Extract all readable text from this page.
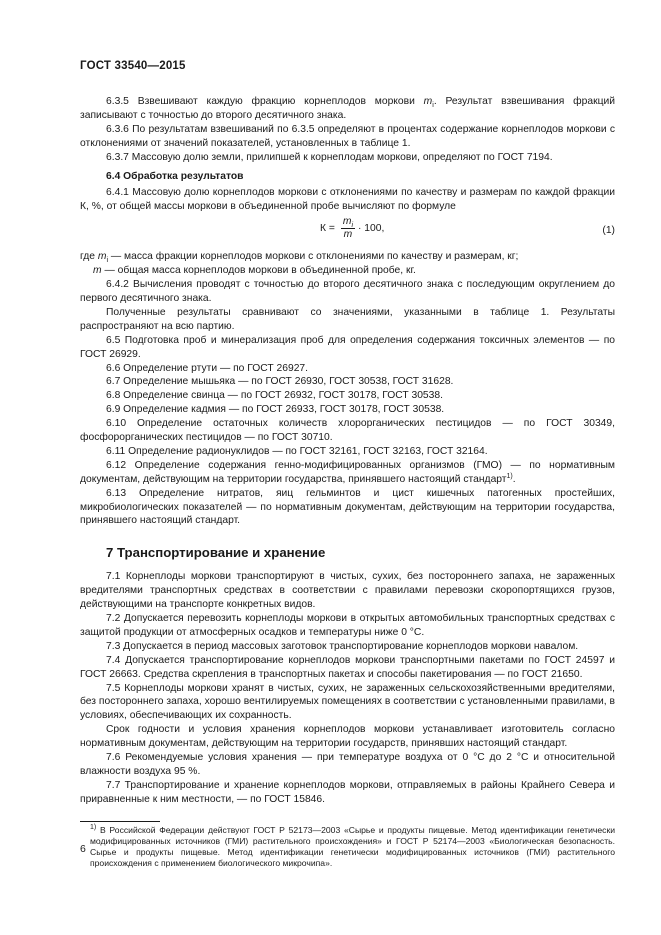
ГОСТ 33540—2015

6.3.5 Взвешивают каждую фракцию корнеплодов моркови $m_i$. Результат взвешивания фракций записывают с точностью до второго десятичного знака.

6.3.6 По результатам взвешиваний по 6.3.5 определяют в процентах содержание корнеплодов моркови с отклонениями от значений показателей, установленных в таблице 1.

6.3.7 Массовую долю земли, прилипшей к корнеплодам моркови, определяют по ГОСТ 7194.

6.4 Обработка результатов

6.4.1 Массовую долю корнеплодов моркови с отклонениями по качеству и размерам по каждой фракции К, %, от общей массы моркови в объединенной пробе вычисляют по формуле

$К = \frac{m_i}{m} \cdot 100$,	(1)

где $m_i$ — масса фракции корнеплодов моркови с отклонениями по качеству и размерам, кг;

m — общая масса корнеплодов моркови в объединенной пробе, кг.

6.4.2 Вычисления проводят с точностью до второго десятичного знака с последующим округлением до первого десятичного знака.

Полученные результаты сравнивают со значениями, указанными в таблице 1. Результаты распространяют на всю партию.

6.5 Подготовка проб и минерализация проб для определения содержания токсичных элементов — по ГОСТ 26929.

6.6 Определение ртути — по ГОСТ 26927.

6.7 Определение мышьяка — по ГОСТ 26930, ГОСТ 30538, ГОСТ 31628.

6.8 Определение свинца — по ГОСТ 26932, ГОСТ 30178, ГОСТ 30538.

6.9 Определение кадмия — по ГОСТ 26933, ГОСТ 30178, ГОСТ 30538.

6.10 Определение остаточных количеств хлорорганических пестицидов — по ГОСТ 30349, фосфорорганических пестицидов — по ГОСТ 30710.

6.11 Определение радионуклидов — по ГОСТ 32161, ГОСТ 32163, ГОСТ 32164.

6.12 Определение содержания генно-модифицированных организмов (ГМО) — по нормативным документам, действующим на территории государства, принявшего настоящий стандарт$^{1)}$.

6.13 Определение нитратов, яиц гельминтов и цист кишечных патогенных простейших, микробиологических показателей — по нормативным документам, действующим на территории государства, принявшего настоящий стандарт.

7 Транспортирование и хранение

7.1 Корнеплоды моркови транспортируют в чистых, сухих, без постороннего запаха, не зараженных вредителями транспортных средствах в соответствии с правилами перевозки скоропортящихся грузов, действующими на транспорте конкретных видов.

7.2 Допускается перевозить корнеплоды моркови в открытых автомобильных транспортных средствах с защитой продукции от атмосферных осадков и температуры ниже 0 °С.

7.3 Допускается в период массовых заготовок транспортирование корнеплодов моркови навалом.

7.4 Допускается транспортирование корнеплодов моркови транспортными пакетами по ГОСТ 24597 и ГОСТ 26663. Средства скрепления в транспортных пакетах и способы пакетирования — по ГОСТ 21650.

7.5 Корнеплоды моркови хранят в чистых, сухих, не зараженных сельскохозяйственными вредителями, без постороннего запаха, хорошо вентилируемых помещениях в соответствии с установленными правилами, в условиях, обеспечивающих их сохранность.

Срок годности и условия хранения корнеплодов моркови устанавливает изготовитель согласно нормативным документам, действующим на территории государств, принявших настоящий стандарт.

7.6 Рекомендуемые условия хранения — при температуре воздуха от 0 °С до 2 °С и относительной влажности воздуха 95 %.

7.7 Транспортирование и хранение корнеплодов моркови, отправляемых в районы Крайнего Севера и приравненные к ним местности, — по ГОСТ 15846.

$^{1)}$ В Российской Федерации действуют ГОСТ Р 52173—2003 «Сырье и продукты пищевые. Метод идентификации генетически модифицированных источников (ГМИ) растительного происхождения» и ГОСТ Р 52174—2003 «Биологическая безопасность. Сырье и продукты пищевые. Метод идентификации генетически модифицированных источников (ГМИ) растительного происхождения с применением биологического микрочипа».

6
